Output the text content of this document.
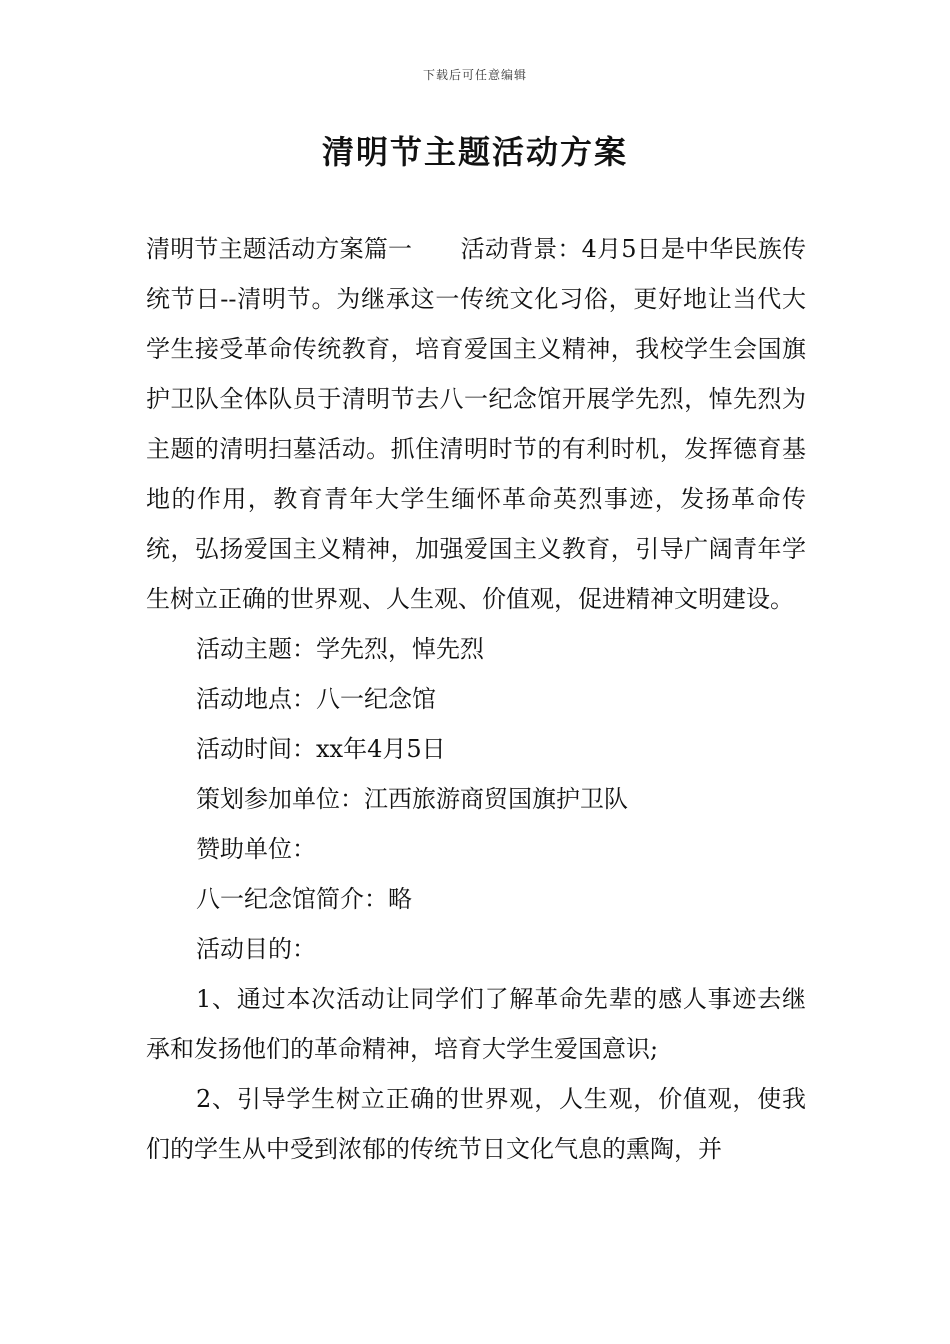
下载后可任意编辑
清明节主题活动方案

清明节主题活动方案篇一　　活动背景：4月5日是中华民族传统节日--清明节。为继承这一传统文化习俗，更好地让当代大学生接受革命传统教育，培育爱国主义精神，我校学生会国旗护卫队全体队员于清明节去八一纪念馆开展学先烈，悼先烈为主题的清明扫墓活动。抓住清明时节的有利时机，发挥德育基地的作用，教育青年大学生缅怀革命英烈事迹，发扬革命传统，弘扬爱国主义精神，加强爱国主义教育，引导广阔青年学生树立正确的世界观、人生观、价值观，促进精神文明建设。

活动主题：学先烈，悼先烈

活动地点：八一纪念馆

活动时间：xx年4月5日

策划参加单位：江西旅游商贸国旗护卫队

赞助单位：

八一纪念馆简介：略

活动目的：

1、通过本次活动让同学们了解革命先辈的感人事迹去继承和发扬他们的革命精神，培育大学生爱国意识;

2、引导学生树立正确的世界观，人生观，价值观，使我们的学生从中受到浓郁的传统节日文化气息的熏陶，并
